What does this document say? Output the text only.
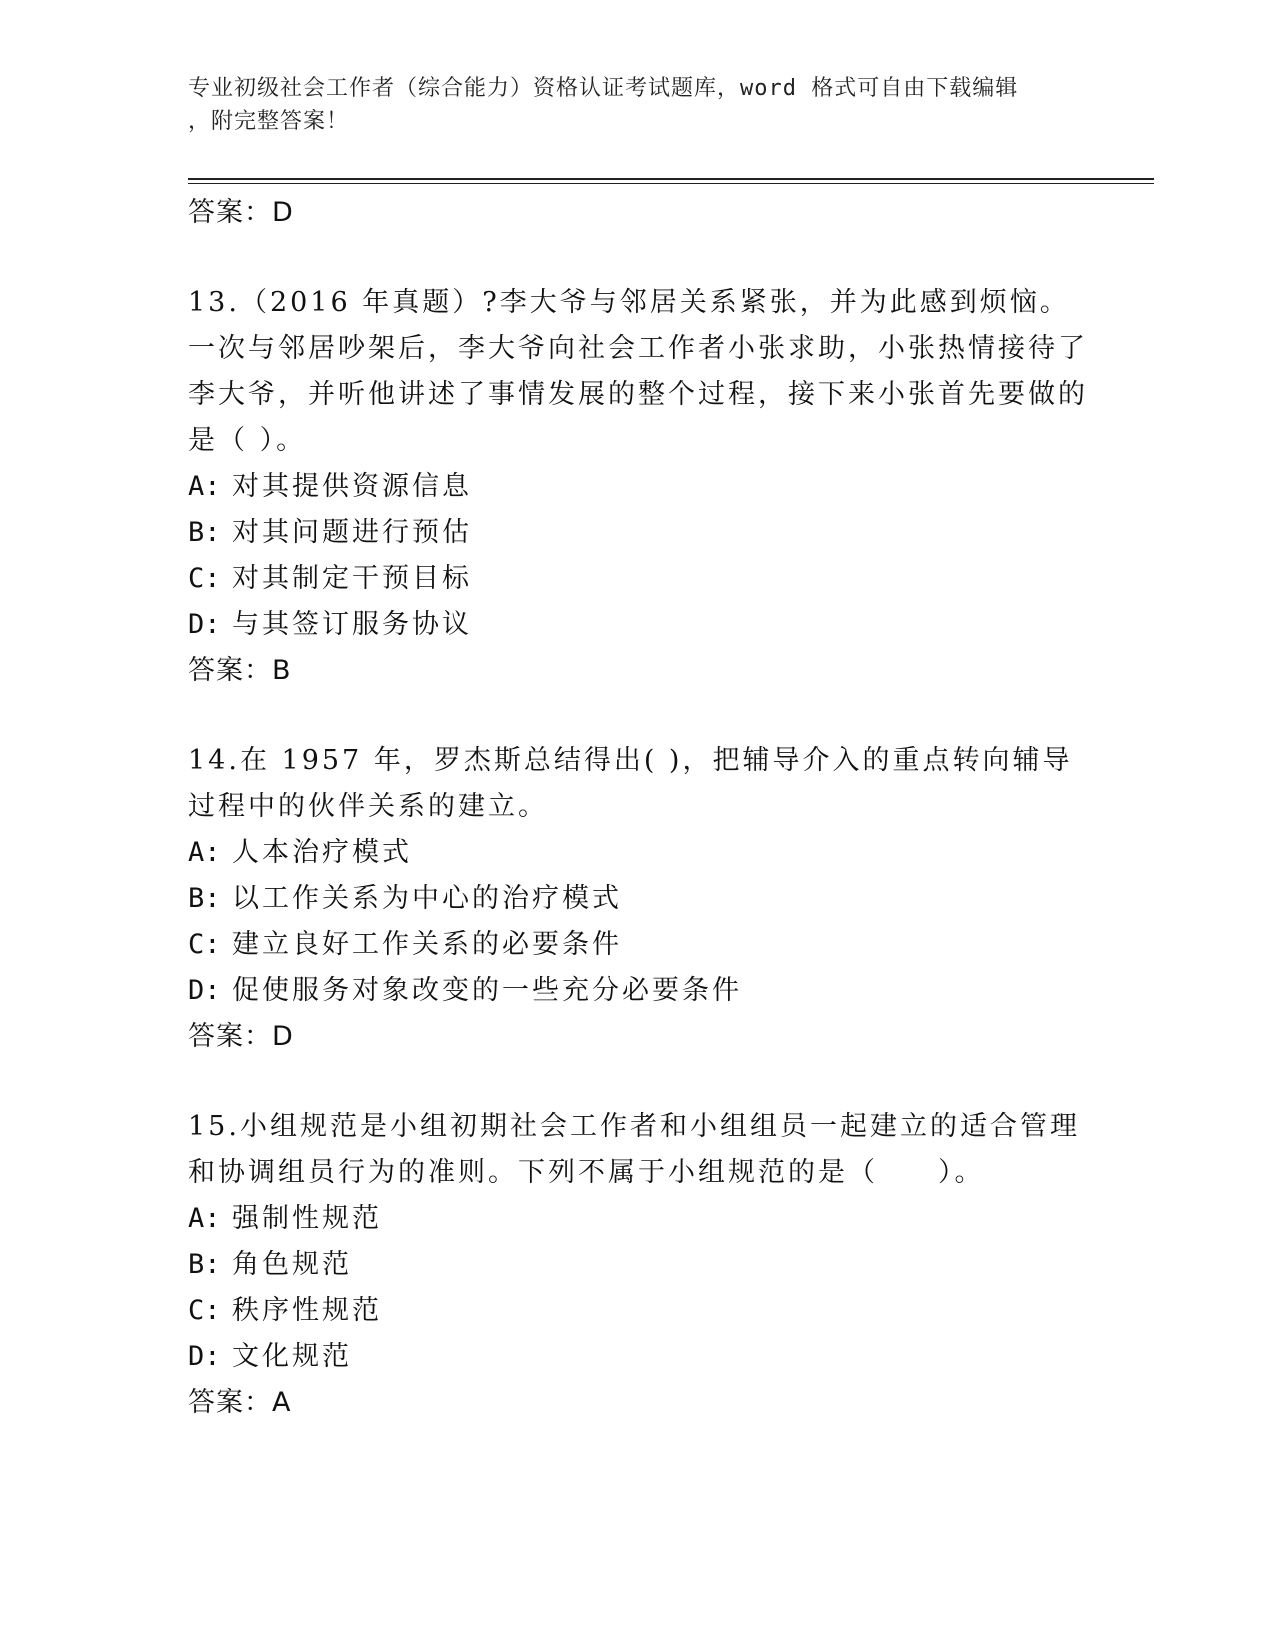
专业初级社会工作者（综合能力）资格认证考试题库，word 格式可自由下载编辑
，附完整答案！
答案：D
13.（2016 年真题）?李大爷与邻居关系紧张，并为此感到烦恼。一次与邻居吵架后，李大爷向社会工作者小张求助，小张热情接待了李大爷，并听他讲述了事情发展的整个过程，接下来小张首先要做的是（ ）。
A: 对其提供资源信息
B: 对其问题进行预估
C: 对其制定干预目标
D: 与其签订服务协议
答案：B
14.在 1957 年，罗杰斯总结得出( )，把辅导介入的重点转向辅导过程中的伙伴关系的建立。
A: 人本治疗模式
B: 以工作关系为中心的治疗模式
C: 建立良好工作关系的必要条件
D: 促使服务对象改变的一些充分必要条件
答案：D
15.小组规范是小组初期社会工作者和小组组员一起建立的适合管理和协调组员行为的准则。下列不属于小组规范的是（　　）。
A: 强制性规范
B: 角色规范
C: 秩序性规范
D: 文化规范
答案：A
